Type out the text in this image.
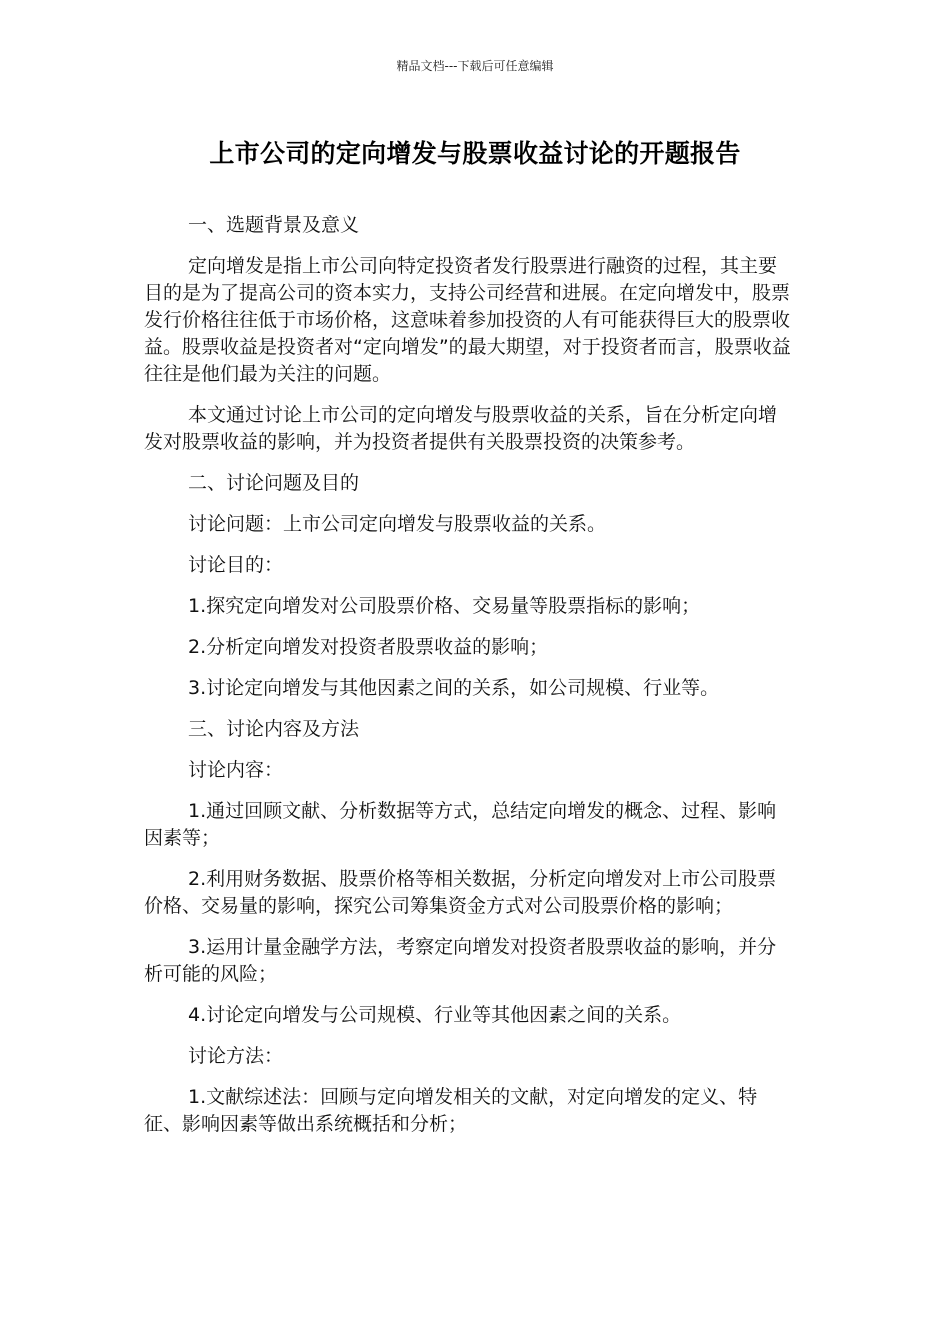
精品文档---下载后可任意编辑
上市公司的定向增发与股票收益讨论的开题报告

一、选题背景及意义

定向增发是指上市公司向特定投资者发行股票进行融资的过程，其主要目的是为了提高公司的资本实力，支持公司经营和进展。在定向增发中，股票发行价格往往低于市场价格，这意味着参加投资的人有可能获得巨大的股票收益。股票收益是投资者对“定向增发”的最大期望，对于投资者而言，股票收益往往是他们最为关注的问题。

本文通过讨论上市公司的定向增发与股票收益的关系，旨在分析定向增发对股票收益的影响，并为投资者提供有关股票投资的决策参考。

二、讨论问题及目的

讨论问题：上市公司定向增发与股票收益的关系。

讨论目的：

1.探究定向增发对公司股票价格、交易量等股票指标的影响；

2.分析定向增发对投资者股票收益的影响；

3.讨论定向增发与其他因素之间的关系，如公司规模、行业等。

三、讨论内容及方法

讨论内容：

1.通过回顾文献、分析数据等方式，总结定向增发的概念、过程、影响因素等；

2.利用财务数据、股票价格等相关数据，分析定向增发对上市公司股票价格、交易量的影响，探究公司筹集资金方式对公司股票价格的影响；

3.运用计量金融学方法，考察定向增发对投资者股票收益的影响，并分析可能的风险；

4.讨论定向增发与公司规模、行业等其他因素之间的关系。

讨论方法：

1.文献综述法：回顾与定向增发相关的文献，对定向增发的定义、特征、影响因素等做出系统概括和分析；
